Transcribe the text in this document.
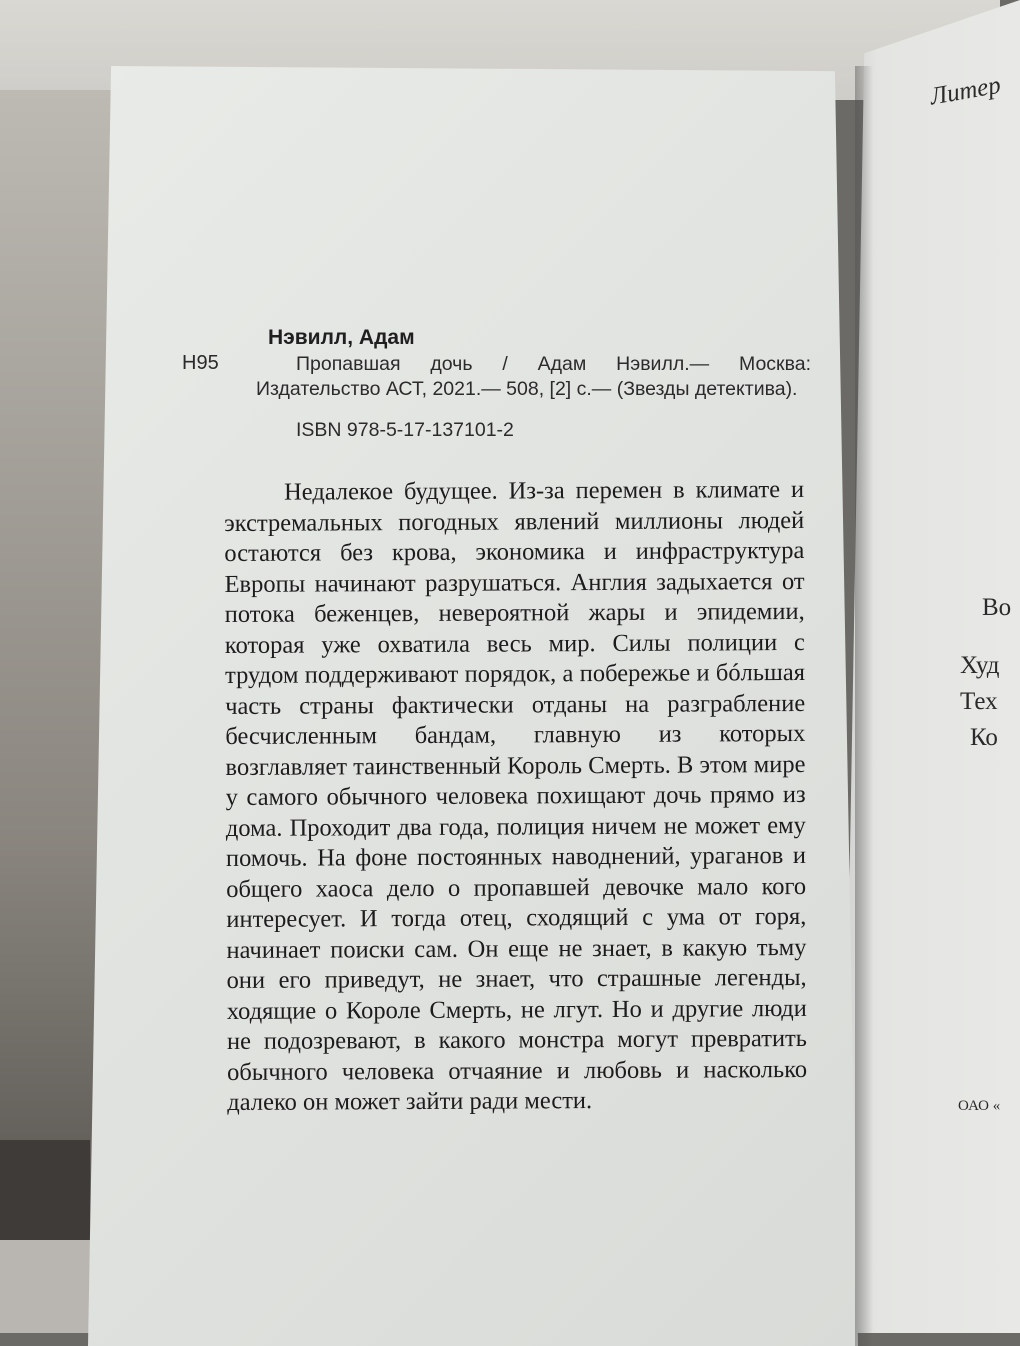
Нэвилл, Адам
Н95	Пропавшая дочь / Адам Нэвилл.— Москва: Издательство АСТ, 2021.— 508, [2] с.— (Звезды детектива).
ISBN 978-5-17-137101-2
Недалекое будущее. Из-за перемен в климате и экстремальных погодных явлений миллионы людей остаются без крова, экономика и инфраструктура Европы начинают разрушаться. Англия задыхается от потока беженцев, невероятной жары и эпидемии, которая уже охватила весь мир. Силы полиции с трудом поддерживают порядок, а побережье и бóльшая часть страны фактически отданы на разграбление бесчисленным бандам, главную из которых возглавляет таинственный Король Смерть. В этом мире у самого обычного человека похищают дочь прямо из дома. Проходит два года, полиция ничем не может ему помочь. На фоне постоянных наводнений, ураганов и общего хаоса дело о пропавшей девочке мало кого интересует. И тогда отец, сходящий с ума от горя, начинает поиски сам. Он еще не знает, в какую тьму они его приведут, не знает, что страшные легенды, ходящие о Короле Смерть, не лгут. Но и другие люди не подозревают, в какого монстра могут превратить обычного человека отчаяние и любовь и насколько далеко он может зайти ради мести.
Литер
Во
Худ
Тех
Ко
ОАО «
